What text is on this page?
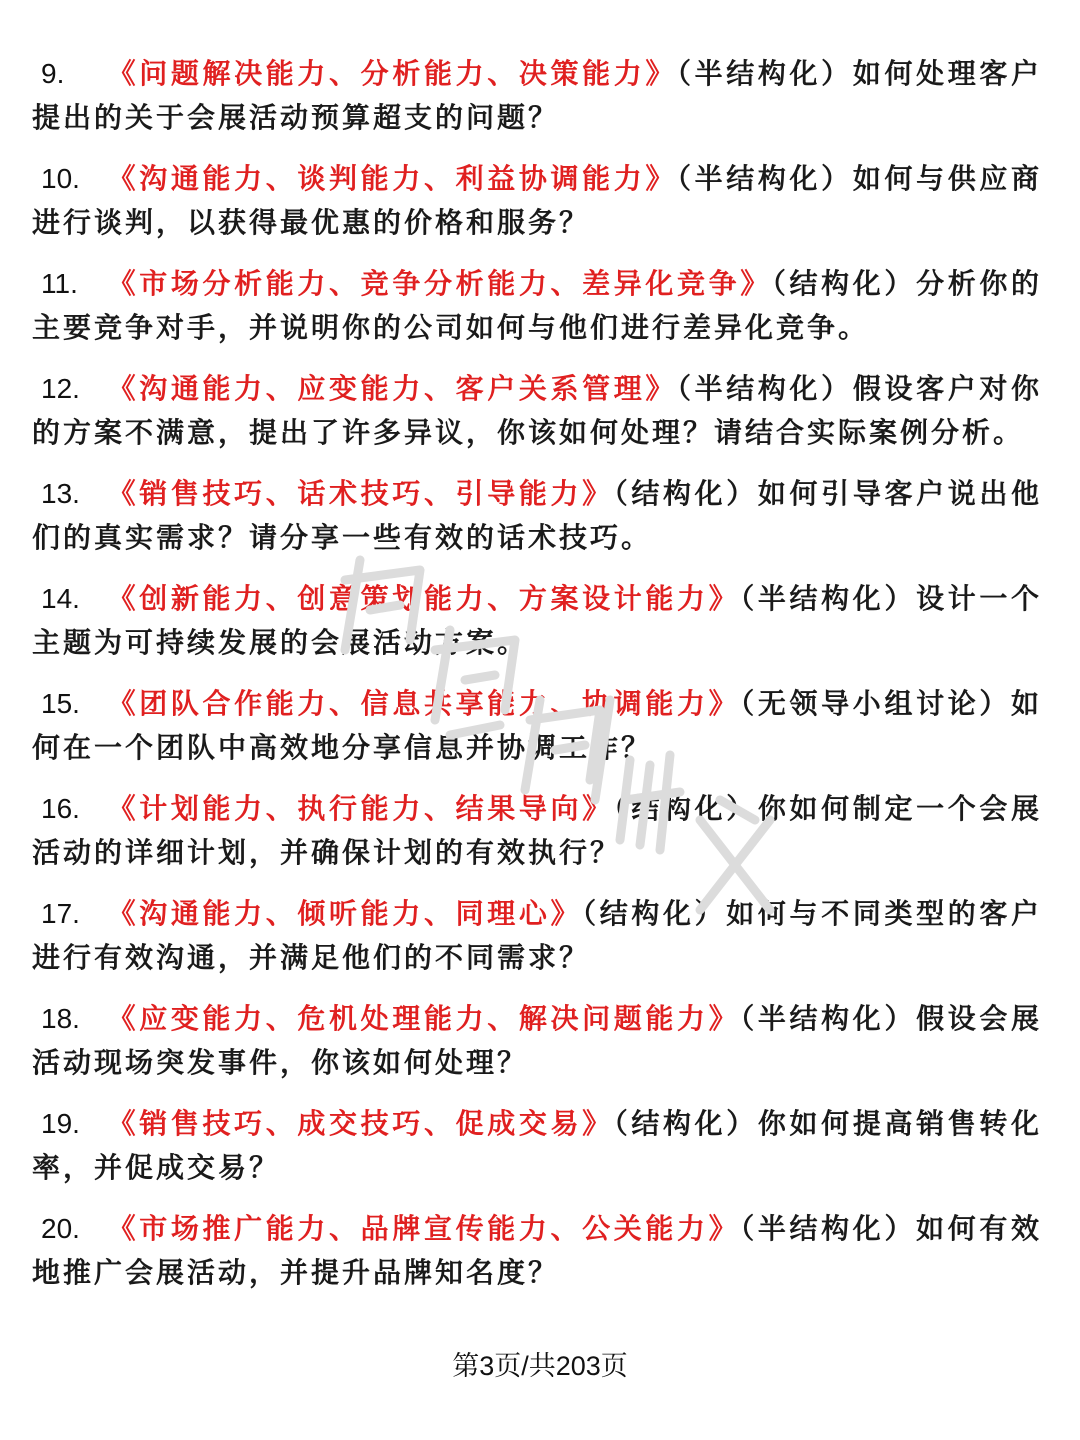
9. 《问题解决能力、分析能力、决策能力》（半结构化）如何处理客户提出的关于会展活动预算超支的问题？
10. 《沟通能力、谈判能力、利益协调能力》（半结构化）如何与供应商进行谈判，以获得最优惠的价格和服务？
11. 《市场分析能力、竞争分析能力、差异化竞争》（结构化）分析你的主要竞争对手，并说明你的公司如何与他们进行差异化竞争。
12. 《沟通能力、应变能力、客户关系管理》（半结构化）假设客户对你的方案不满意，提出了许多异议，你该如何处理？请结合实际案例分析。
13. 《销售技巧、话术技巧、引导能力》（结构化）如何引导客户说出他们的真实需求？请分享一些有效的话术技巧。
14. 《创新能力、创意策划能力、方案设计能力》（半结构化）设计一个主题为可持续发展的会展活动方案。
15. 《团队合作能力、信息共享能力、协调能力》（无领导小组讨论）如何在一个团队中高效地分享信息并协调工作？
16. 《计划能力、执行能力、结果导向》（结构化）你如何制定一个会展活动的详细计划，并确保计划的有效执行？
17. 《沟通能力、倾听能力、同理心》（结构化）如何与不同类型的客户进行有效沟通，并满足他们的不同需求？
18. 《应变能力、危机处理能力、解决问题能力》（半结构化）假设会展活动现场突发事件，你该如何处理？
19. 《销售技巧、成交技巧、促成交易》（结构化）你如何提高销售转化率，并促成交易？
20. 《市场推广能力、品牌宣传能力、公关能力》（半结构化）如何有效地推广会展活动，并提升品牌知名度？
第3页/共203页
